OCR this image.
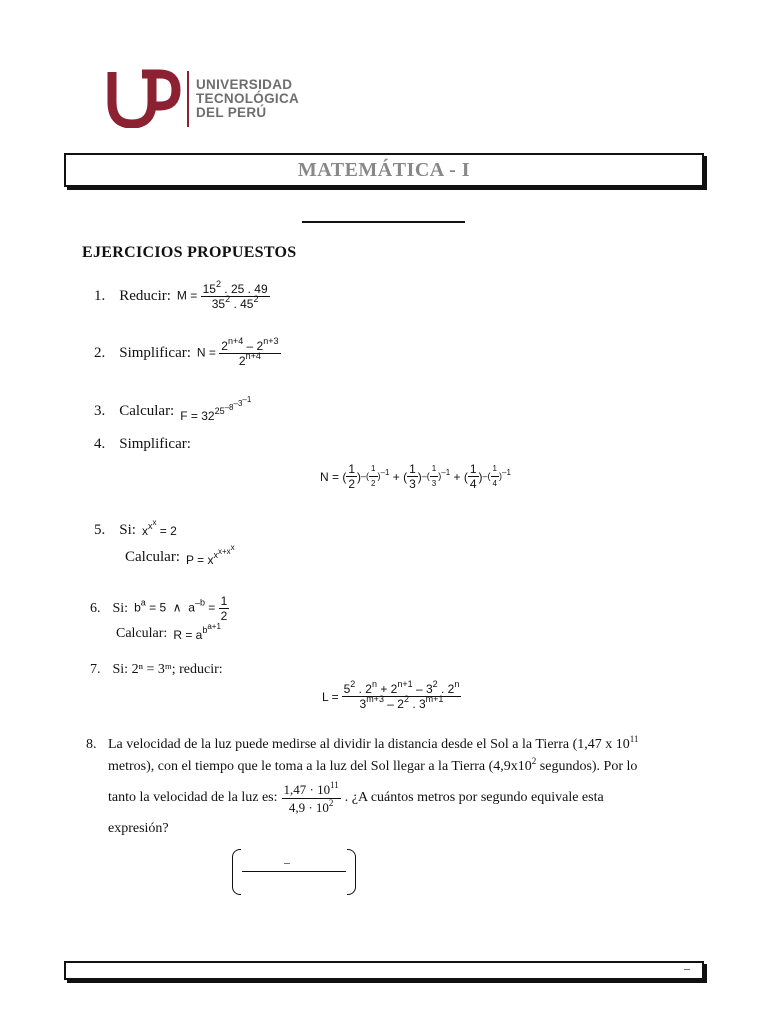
UNIVERSIDAD
TECNOLÓGICA
DEL PERÚ
MATEMÁTICA - I
EJERCICIOS PROPUESTOS
1. Reducir: $M = \frac{15^2 . 25 . 49}{35^2 . 45^2}$
2. Simplificar: $N = \frac{2^{n+4} - 2^{n+3}}{2^{n+4}}$
3. Calcular: $F = 32^{25^{-8^{-3^{-1}}}}$
4. Simplificar:
N = ( $\frac{1}{2}$ ) –( $\frac{1}{2} )^{-1}$ + ( $\frac{1}{3}$ ) –( $\frac{1}{3} )^{-1}$ + ( $\frac{1}{4}$ ) –( $\frac{1}{4} )^{-1}$
5. Si: $x^{x^x} = 2$
Calcular: $P = x^{x^{x+x^x}}$
6. Si: $b^a = 5$  ∧  $a^{-b} = \frac{1}{2}$
Calcular: $R = a^{b^{a+1}}$
7. Si: 2ⁿ = 3ᵐ; reducir:
$L = \frac{5^2 . 2^n + 2^{n+1} - 3^2 . 2^n}{3^{m+3} - 2^2 . 3^{m+1}}$
8. La velocidad de la luz puede medirse al dividir la distancia desde el Sol a la Tierra (1,47 x $10^{11}$
metros), con el tiempo que le toma a la luz del Sol llegar a la Tierra ($4,9x10^2$ segundos). Por lo
tanto la velocidad de la luz es: $\frac{1,47 \cdot 10^{11}}{4,9 \cdot 10^2}$ . ¿A cuántos metros por segundo equivale esta
expresión?
–
–
